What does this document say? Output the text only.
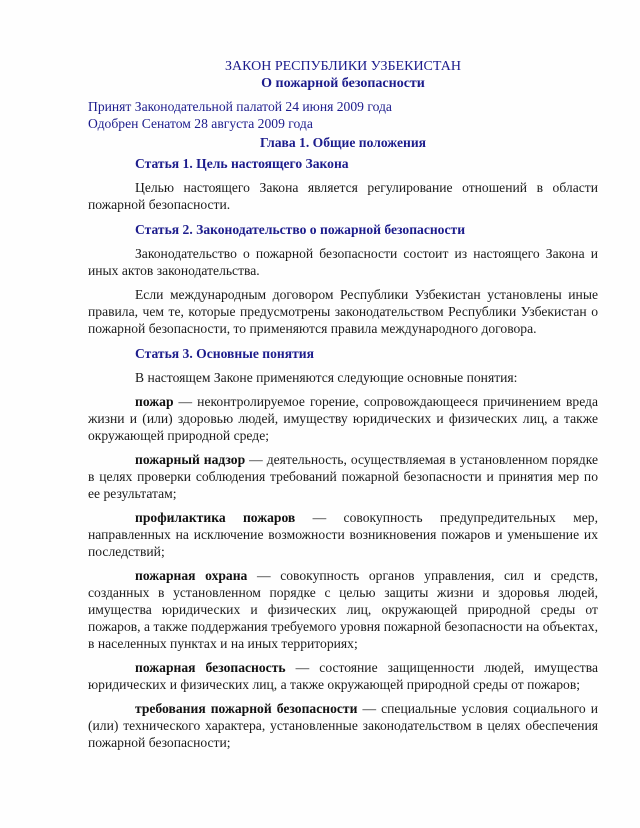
ЗАКОН РЕСПУБЛИКИ УЗБЕКИСТАН
О пожарной безопасности
Принят Законодательной палатой 24 июня 2009 года
Одобрен Сенатом 28 августа 2009 года
Глава 1. Общие положения
Статья 1. Цель настоящего Закона

Целью настоящего Закона является регулирование отношений в области пожарной безопасности.

Статья 2. Законодательство о пожарной безопасности

Законодательство о пожарной безопасности состоит из настоящего Закона и иных актов законодательства.

Если международным договором Республики Узбекистан установлены иные правила, чем те, которые предусмотрены законодательством Республики Узбекистан о пожарной безопасности, то применяются правила международного договора.

Статья 3. Основные понятия

В настоящем Законе применяются следующие основные понятия:

пожар — неконтролируемое горение, сопровождающееся причинением вреда жизни и (или) здоровью людей, имуществу юридических и физических лиц, а также окружающей природной среде;

пожарный надзор — деятельность, осуществляемая в установленном порядке в целях проверки соблюдения требований пожарной безопасности и принятия мер по ее результатам;

профилактика пожаров — совокупность предупредительных мер, направленных на исключение возможности возникновения пожаров и уменьшение их последствий;

пожарная охрана — совокупность органов управления, сил и средств, созданных в установленном порядке с целью защиты жизни и здоровья людей, имущества юридических и физических лиц, окружающей природной среды от пожаров, а также поддержания требуемого уровня пожарной безопасности на объектах, в населенных пунктах и на иных территориях;

пожарная безопасность — состояние защищенности людей, имущества юридических и физических лиц, а также окружающей природной среды от пожаров;

требования пожарной безопасности — специальные условия социального и (или) технического характера, установленные законодательством в целях обеспечения пожарной безопасности;
